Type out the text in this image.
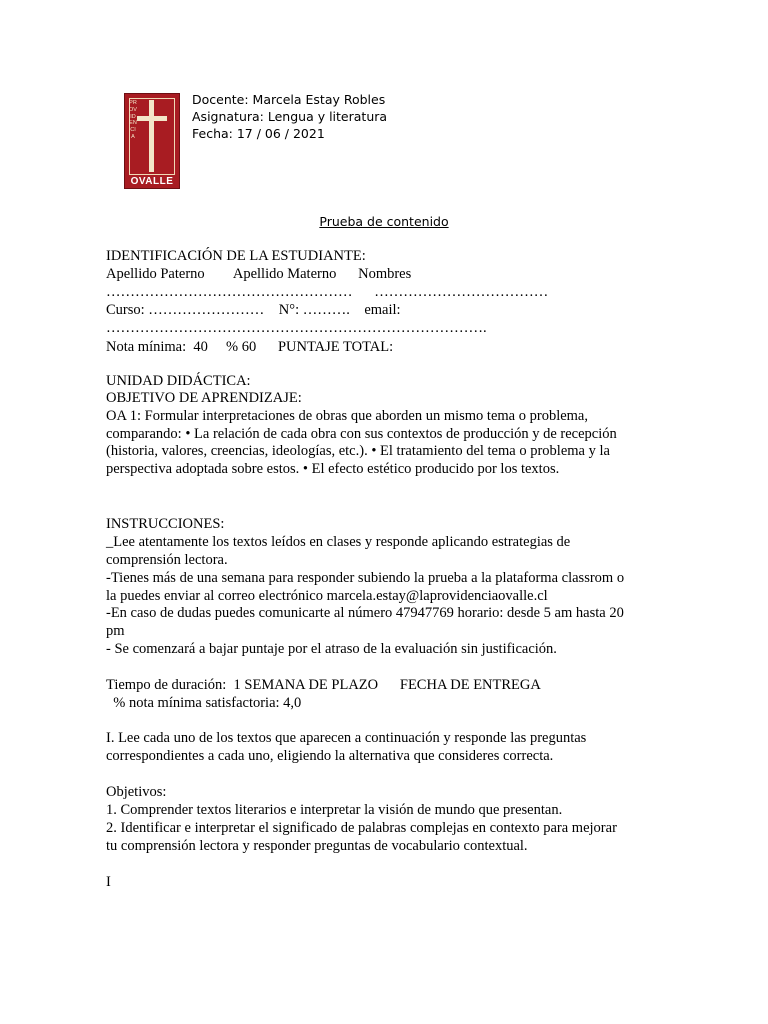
PROVIDENCIA
OVALLE
Docente: Marcela Estay Robles
Asignatura: Lengua y literatura
Fecha: 17 / 06 / 2021
Prueba de contenido
IDENTIFICACIÓN DE LA ESTUDIANTE:
Apellido Paterno        Apellido Materno      Nombres
……………………………………………      ………………………………
Curso: ……………………    N°: ……….    email:
…………………………………………………………………….
Nota mínima:  40     % 60      PUNTAJE TOTAL:
UNIDAD DIDÁCTICA:
OBJETIVO DE APRENDIZAJE:
OA 1: Formular interpretaciones de obras que aborden un mismo tema o problema, comparando: • La relación de cada obra con sus contextos de producción y de recepción (historia, valores, creencias, ideologías, etc.). • El tratamiento del tema o problema y la perspectiva adoptada sobre estos. • El efecto estético producido por los textos.
INSTRUCCIONES:
_Lee atentamente los textos leídos en clases y responde aplicando estrategias de comprensión lectora.
-Tienes más de una semana para responder subiendo la prueba a la plataforma classrom o la puedes enviar al correo electrónico marcela.estay@laprovidenciaovalle.cl
-En caso de dudas puedes comunicarte al número 47947769 horario: desde 5 am hasta 20 pm
- Se comenzará a bajar puntaje por el atraso de la evaluación sin justificación.
Tiempo de duración:  1 SEMANA DE PLAZO      FECHA DE ENTREGA
% nota mínima satisfactoria: 4,0
I. Lee cada uno de los textos que aparecen a continuación y responde las preguntas correspondientes a cada uno, eligiendo la alternativa que consideres correcta.
Objetivos:
1. Comprender textos literarios e interpretar la visión de mundo que presentan.
2. Identificar e interpretar el significado de palabras complejas en contexto para mejorar tu comprensión lectora y responder preguntas de vocabulario contextual.
I
